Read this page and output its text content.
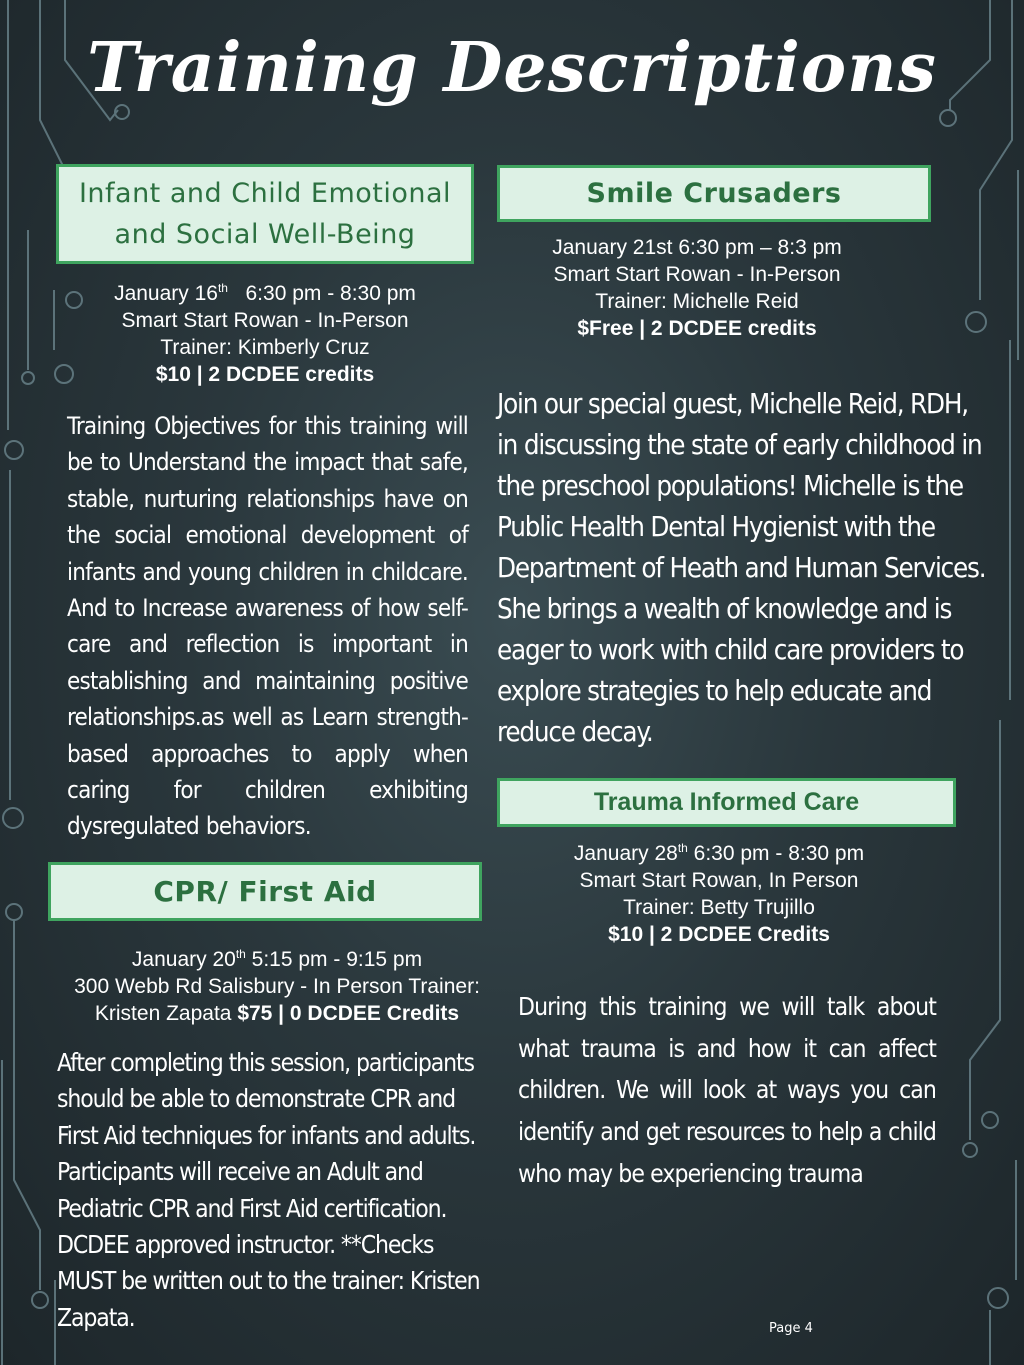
Training Descriptions
Infant and Child Emotional and Social Well-Being
January 16th 6:30 pm - 8:30 pm
Smart Start Rowan - In-Person
Trainer: Kimberly Cruz
$10 | 2 DCDEE credits
Training Objectives for this training will be to Understand the impact that safe, stable, nurturing relationships have on the social emotional development of infants and young children in childcare. And to Increase awareness of how self-care and reflection is important in establishing and maintaining positive relationships.as well as Learn strength-based approaches to apply when caring for children exhibiting dysregulated behaviors.
Smile Crusaders
January 21st 6:30 pm – 8:3 pm
Smart Start Rowan - In-Person
Trainer: Michelle Reid
$Free | 2 DCDEE credits
Join our special guest, Michelle Reid, RDH, in discussing the state of early childhood in the preschool populations! Michelle is the Public Health Dental Hygienist with the Department of Heath and Human Services. She brings a wealth of knowledge and is eager to work with child care providers to explore strategies to help educate and reduce decay.
CPR/ First Aid
January 20th 5:15 pm - 9:15 pm
300 Webb Rd Salisbury - In Person Trainer:
Kristen Zapata $75 | 0 DCDEE Credits
After completing this session, participants should be able to demonstrate CPR and First Aid techniques for infants and adults. Participants will receive an Adult and Pediatric CPR and First Aid certification. DCDEE approved instructor. **Checks MUST be written out to the trainer: Kristen Zapata.
Trauma Informed Care
January 28th 6:30 pm - 8:30 pm
Smart Start Rowan, In Person
Trainer: Betty Trujillo
$10 | 2 DCDEE Credits
During this training we will talk about what trauma is and how it can affect children. We will look at ways you can identify and get resources to help a child who may be experiencing trauma
Page 4
